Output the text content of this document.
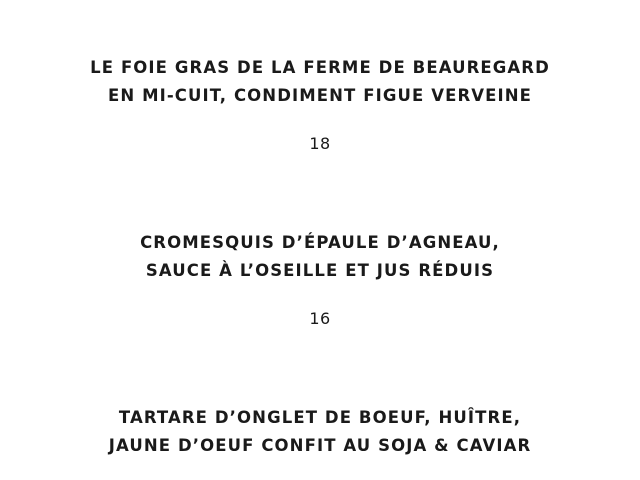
LE FOIE GRAS DE LA FERME DE BEAUREGARD
EN MI-CUIT, CONDIMENT FIGUE VERVEINE
18
CROMESQUIS D’ÉPAULE D’AGNEAU,
SAUCE À L’OSEILLE ET JUS RÉDUIS
16
TARTARE D’ONGLET DE BOEUF, HUÎTRE,
JAUNE D’OEUF CONFIT AU SOJA & CAVIAR
